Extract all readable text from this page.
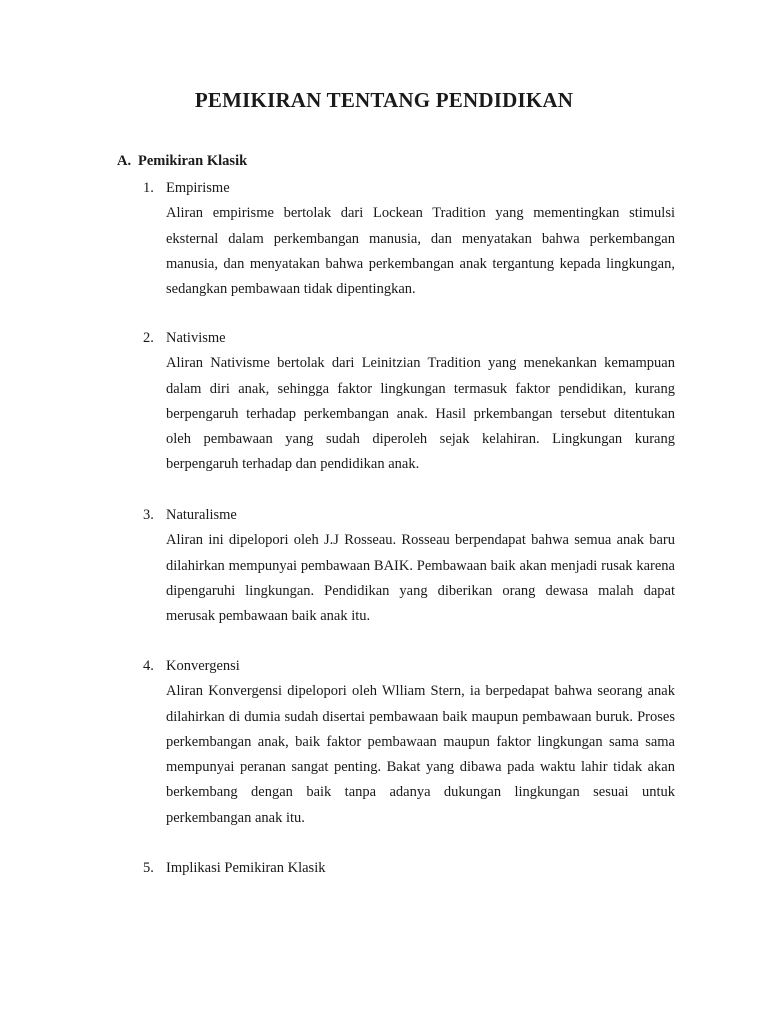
PEMIKIRAN TENTANG PENDIDIKAN
A. Pemikiran Klasik
1. Empirisme

Aliran empirisme bertolak dari Lockean Tradition yang mementingkan stimulsi eksternal dalam perkembangan manusia, dan menyatakan bahwa perkembangan manusia, dan menyatakan bahwa perkembangan anak tergantung kepada lingkungan, sedangkan pembawaan tidak dipentingkan.

2. Nativisme

Aliran Nativisme bertolak dari Leinitzian Tradition yang menekankan kemampuan dalam diri anak, sehingga faktor lingkungan termasuk faktor pendidikan, kurang berpengaruh terhadap perkembangan anak. Hasil prkembangan tersebut ditentukan oleh pembawaan yang sudah diperoleh sejak kelahiran. Lingkungan kurang berpengaruh terhadap dan pendidikan anak.

3. Naturalisme

Aliran ini dipelopori oleh J.J Rosseau. Rosseau berpendapat bahwa semua anak baru dilahirkan mempunyai pembawaan BAIK. Pembawaan baik akan menjadi rusak karena dipengaruhi lingkungan. Pendidikan yang diberikan orang dewasa malah dapat merusak pembawaan baik anak itu.

4. Konvergensi

Aliran Konvergensi dipelopori oleh Wlliam Stern, ia berpedapat bahwa seorang anak dilahirkan di dumia sudah disertai pembawaan baik maupun pembawaan buruk. Proses perkembangan anak, baik faktor pembawaan maupun faktor lingkungan sama sama mempunyai peranan sangat penting. Bakat yang dibawa pada waktu lahir tidak akan berkembang dengan baik tanpa adanya dukungan lingkungan sesuai untuk perkembangan anak itu.

5. Implikasi Pemikiran Klasik
